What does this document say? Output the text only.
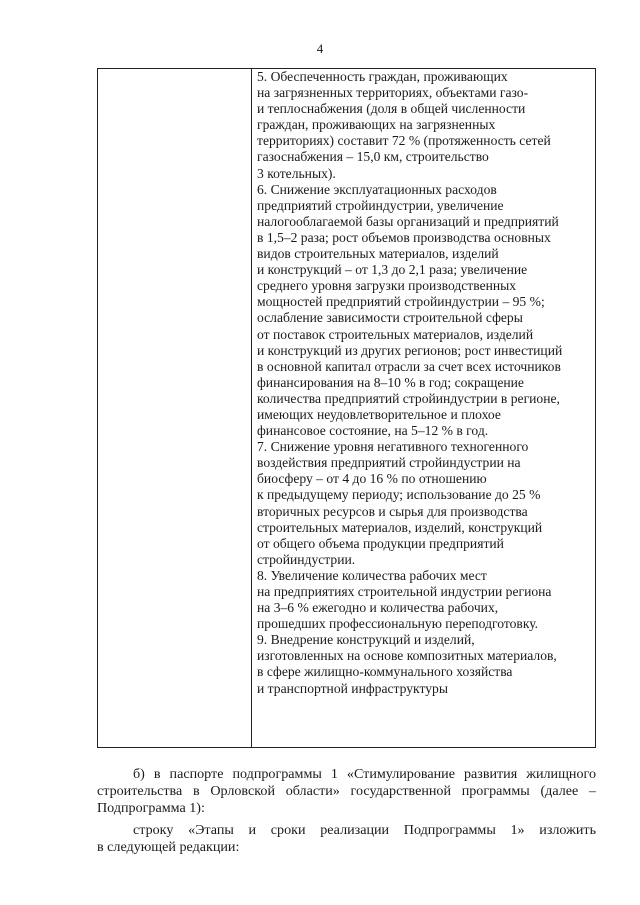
4
5. Обеспеченность граждан, проживающих
на загрязненных территориях, объектами газо-
и теплоснабжения (доля в общей численности
граждан, проживающих на загрязненных
территориях) составит 72 % (протяженность сетей
газоснабжения – 15,0 км, строительство
3 котельных).
6. Снижение эксплуатационных расходов
предприятий стройиндустрии, увеличение
налогооблагаемой базы организаций и предприятий
в 1,5–2 раза; рост объемов производства основных
видов строительных материалов, изделий
и конструкций – от 1,3 до 2,1 раза; увеличение
среднего уровня загрузки производственных
мощностей предприятий стройиндустрии – 95 %;
ослабление зависимости строительной сферы
от поставок строительных материалов, изделий
и конструкций из других регионов; рост инвестиций
в основной капитал отрасли за счет всех источников
финансирования на 8–10 % в год; сокращение
количества предприятий стройиндустрии в регионе,
имеющих неудовлетворительное и плохое
финансовое состояние, на 5–12 % в год.
7. Снижение уровня негативного техногенного
воздействия предприятий стройиндустрии на
биосферу – от 4 до 16 % по отношению
к предыдущему периоду; использование до 25 %
вторичных ресурсов и сырья для производства
строительных материалов, изделий, конструкций
от общего объема продукции предприятий
стройиндустрии.
8. Увеличение количества рабочих мест
на предприятиях строительной индустрии региона
на 3–6 % ежегодно и количества рабочих,
прошедших профессиональную переподготовку.
9. Внедрение конструкций и изделий,
изготовленных на основе композитных материалов,
в сфере жилищно-коммунального хозяйства
и транспортной инфраструктуры
б) в паспорте подпрограммы 1 «Стимулирование развития жилищного
строительства в Орловской области» государственной программы (далее –
Подпрограмма 1):
строку «Этапы и сроки реализации Подпрограммы 1» изложить
в следующей редакции:
